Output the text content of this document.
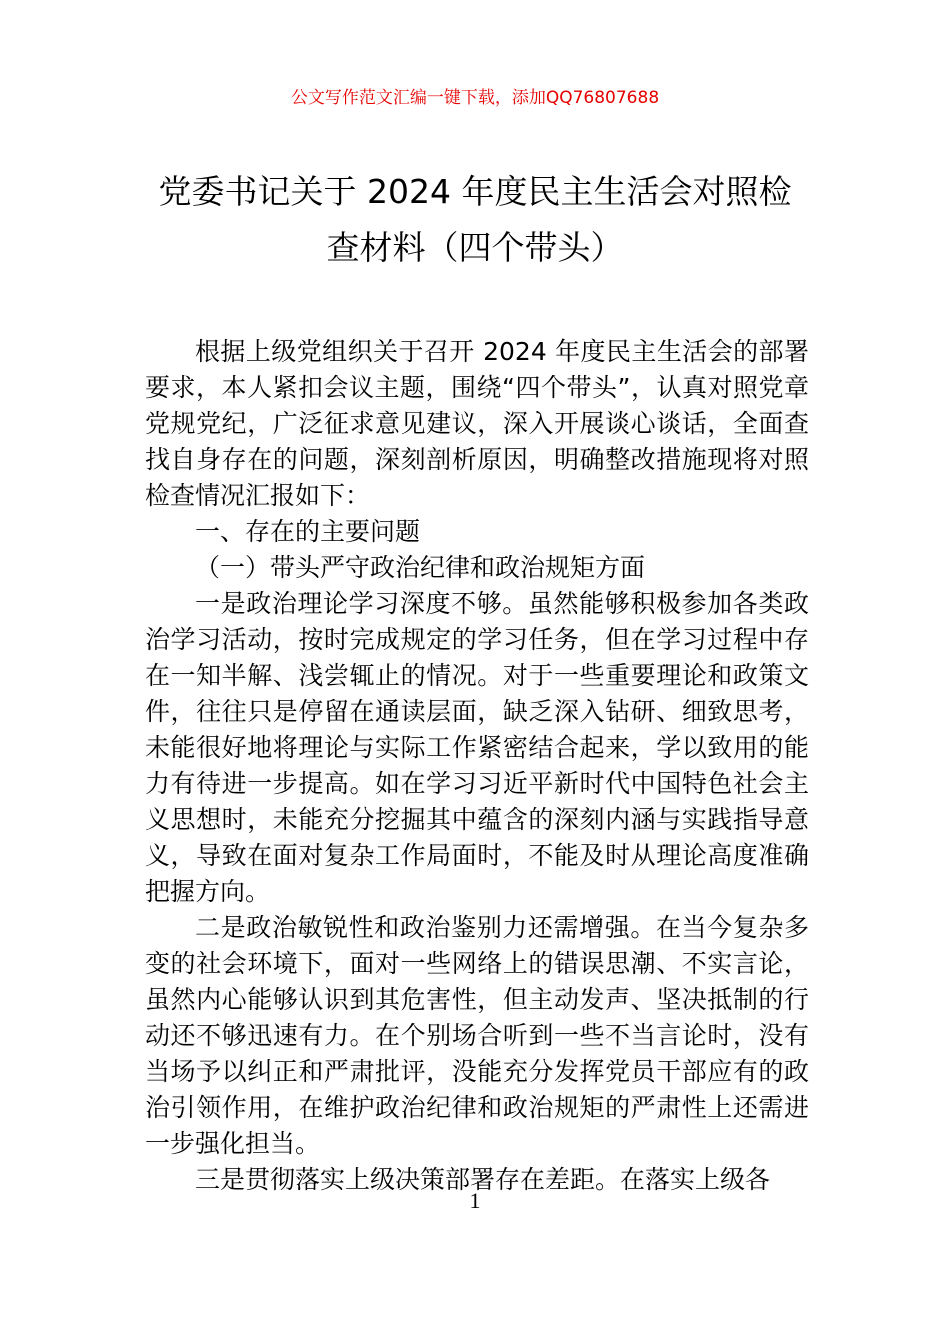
公文写作范文汇编一键下载，添加QQ76807688
党委书记关于 2024 年度民主生活会对照检
查材料（四个带头）

根据上级党组织关于召开 2024 年度民主生活会的部署要求，本人紧扣会议主题，围绕“四个带头”，认真对照党章党规党纪，广泛征求意见建议，深入开展谈心谈话，全面查找自身存在的问题，深刻剖析原因，明确整改措施现将对照检查情况汇报如下：

一、存在的主要问题

（一）带头严守政治纪律和政治规矩方面

一是政治理论学习深度不够。虽然能够积极参加各类政治学习活动，按时完成规定的学习任务，但在学习过程中存在一知半解、浅尝辄止的情况。对于一些重要理论和政策文件，往往只是停留在通读层面，缺乏深入钻研、细致思考，未能很好地将理论与实际工作紧密结合起来，学以致用的能力有待进一步提高。如在学习习近平新时代中国特色社会主义思想时，未能充分挖掘其中蕴含的深刻内涵与实践指导意义，导致在面对复杂工作局面时，不能及时从理论高度准确把握方向。

二是政治敏锐性和政治鉴别力还需增强。在当今复杂多变的社会环境下，面对一些网络上的错误思潮、不实言论，虽然内心能够认识到其危害性，但主动发声、坚决抵制的行动还不够迅速有力。在个别场合听到一些不当言论时，没有当场予以纠正和严肃批评，没能充分发挥党员干部应有的政治引领作用，在维护政治纪律和政治规矩的严肃性上还需进一步强化担当。

三是贯彻落实上级决策部署存在差距。在落实上级各

1
